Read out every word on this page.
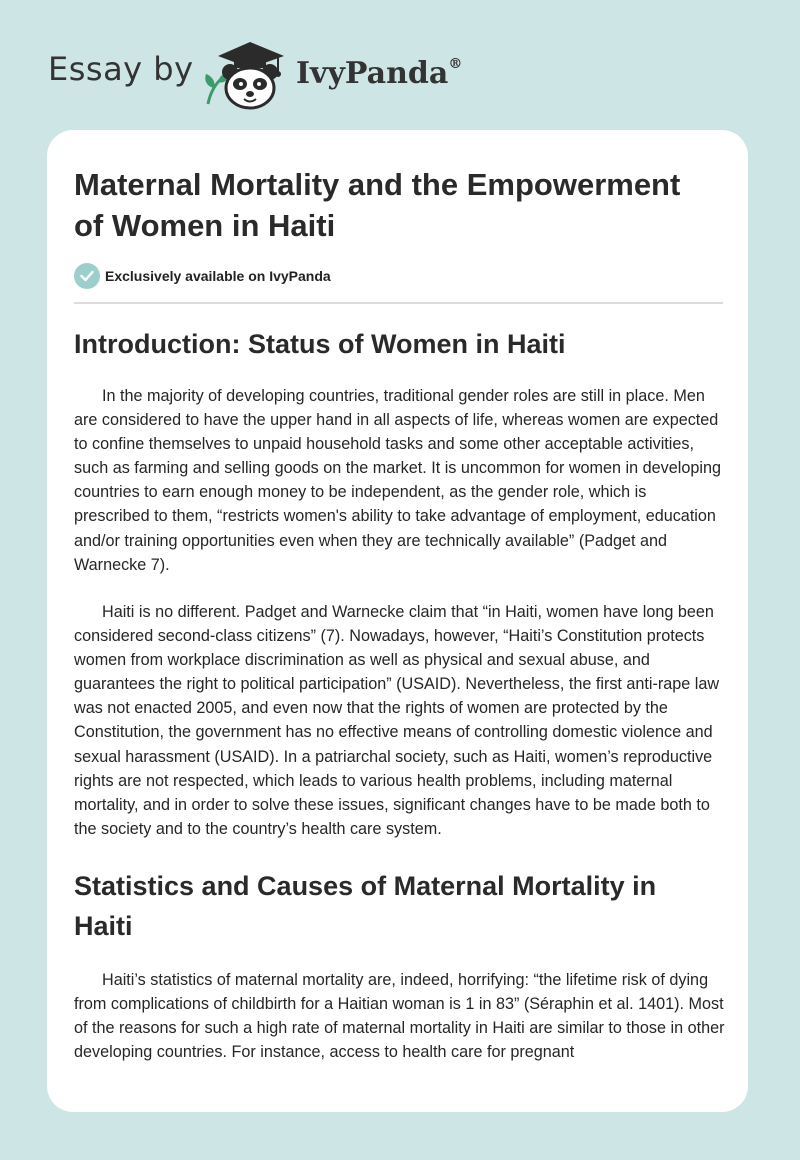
Essay by	IvyPanda®
Maternal Mortality and the Empowerment of Women in Haiti
Exclusively available on IvyPanda
Introduction: Status of Women in Haiti

In the majority of developing countries, traditional gender roles are still in place. Men are considered to have the upper hand in all aspects of life, whereas women are expected to confine themselves to unpaid household tasks and some other acceptable activities, such as farming and selling goods on the market. It is uncommon for women in developing countries to earn enough money to be independent, as the gender role, which is prescribed to them, “restricts women's ability to take advantage of employment, education and/or training opportunities even when they are technically available” (Padget and Warnecke 7).

Haiti is no different. Padget and Warnecke claim that “in Haiti, women have long been considered second-class citizens” (7). Nowadays, however, “Haiti’s Constitution protects women from workplace discrimination as well as physical and sexual abuse, and guarantees the right to political participation” (USAID). Nevertheless, the first anti-rape law was not enacted 2005, and even now that the rights of women are protected by the Constitution, the government has no effective means of controlling domestic violence and sexual harassment (USAID). In a patriarchal society, such as Haiti, women’s reproductive rights are not respected, which leads to various health problems, including maternal mortality, and in order to solve these issues, significant changes have to be made both to the society and to the country’s health care system.

Statistics and Causes of Maternal Mortality in Haiti

Haiti’s statistics of maternal mortality are, indeed, horrifying: “the lifetime risk of dying from complications of childbirth for a Haitian woman is 1 in 83” (Séraphin et al. 1401). Most of the reasons for such a high rate of maternal mortality in Haiti are similar to those in other developing countries. For instance, access to health care for pregnant
